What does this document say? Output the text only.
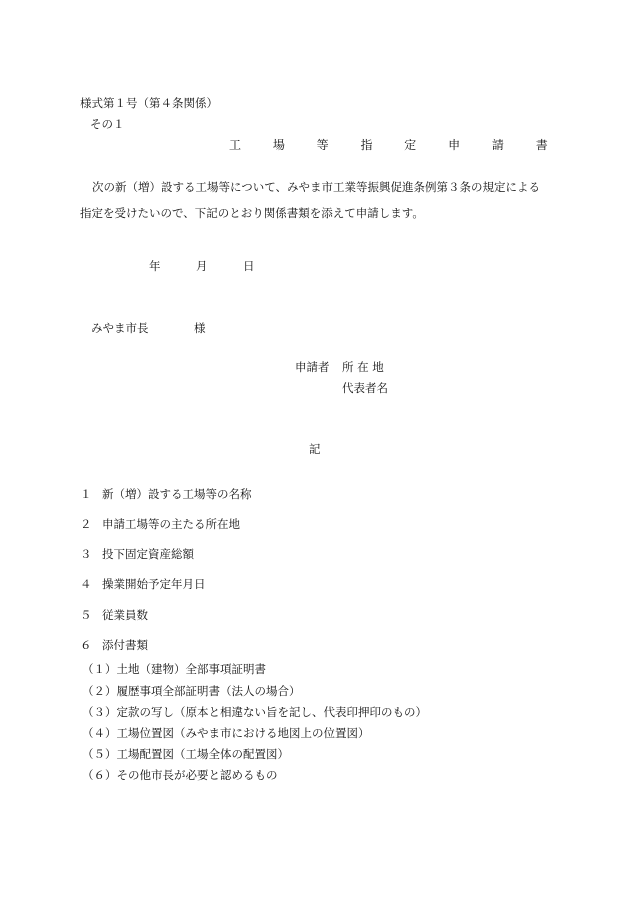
様式第１号（第４条関係）
その１
工 場 等 指 定 申 請 書
次の新（増）設する工場等について、みやま市工業等振興促進条例第３条の規定による
指定を受けたいので、下記のとおり関係書類を添えて申請します。
年	月	日
みやま市長	様
申請者 所 在 地
代表者名
記
１ 新（増）設する工場等の名称
２ 申請工場等の主たる所在地
３ 投下固定資産総額
４ 操業開始予定年月日
５ 従業員数
６ 添付書類
（１）土地（建物）全部事項証明書
（２）履歴事項全部証明書（法人の場合）
（３）定款の写し（原本と相違ない旨を記し、代表印押印のもの）
（４）工場位置図（みやま市における地図上の位置図）
（５）工場配置図（工場全体の配置図）
（６）その他市長が必要と認めるもの
